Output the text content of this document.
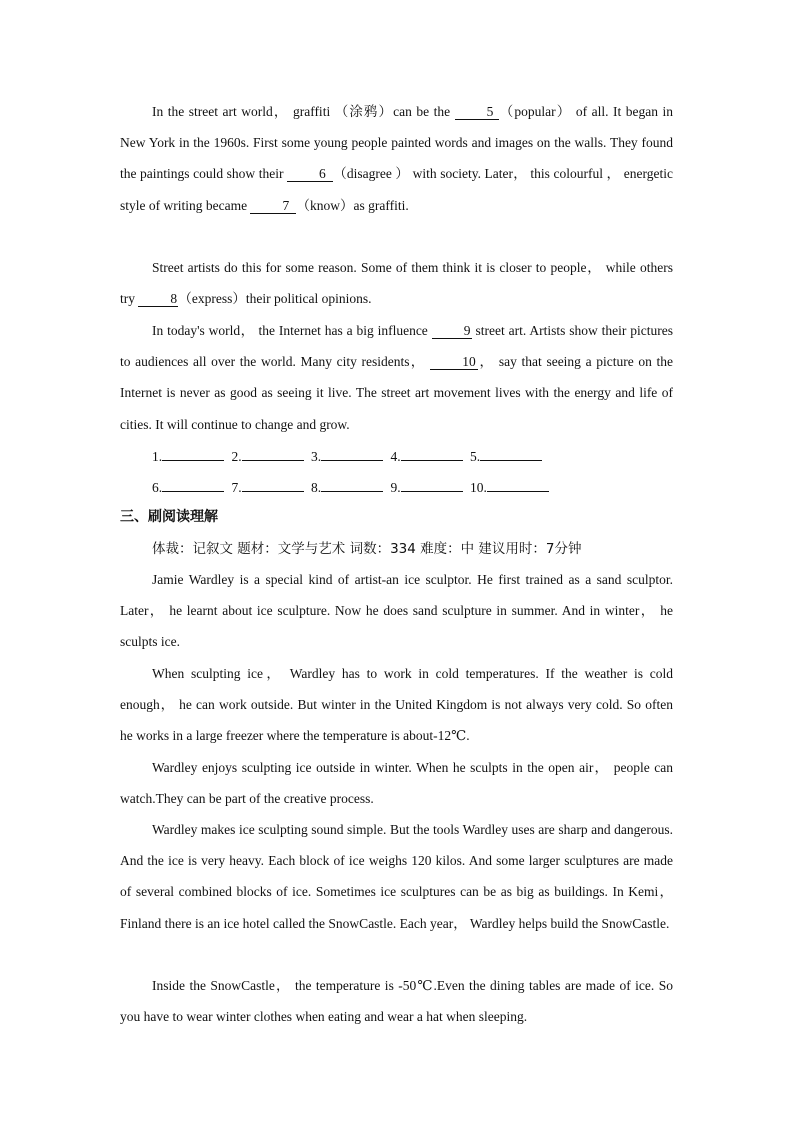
In the street art world， graffiti （涂鸦）can be the 5 （popular） of all. It began in New York in the 1960s. First some young people painted words and images on the walls. They found the paintings could show their 6 （disagree ） with society. Later， this colourful ， energetic style of writing became 7 （know）as graffiti.

Street artists do this for some reason. Some of them think it is closer to people， while others try 8（express）their political opinions.

In today's world， the Internet has a big influence 9 street art. Artists show their pictures to audiences all over the world. Many city residents， 10 ， say that seeing a picture on the Internet is never as good as seeing it live. The street art movement lives with the energy and life of cities. It will continue to change and grow.

1.	2.	3.	4.	5.
6.	7.	8.	9.	10.
三、刷阅读理解
体裁：记叙文 题材：文学与艺术 词数：334 难度：中 建议用时：7分钟

Jamie Wardley is a special kind of artist-an ice sculptor. He first trained as a sand sculptor. Later， he learnt about ice sculpture. Now he does sand sculpture in summer. And in winter， he sculpts ice.

When sculpting ice， Wardley has to work in cold temperatures. If the weather is cold enough， he can work outside. But winter in the United Kingdom is not always very cold. So often he works in a large freezer where the temperature is about-12℃.

Wardley enjoys sculpting ice outside in winter. When he sculpts in the open air， people can watch.They can be part of the creative process.

Wardley makes ice sculpting sound simple. But the tools Wardley uses are sharp and dangerous. And the ice is very heavy. Each block of ice weighs 120 kilos. And some larger sculptures are made of several combined blocks of ice. Sometimes ice sculptures can be as big as buildings. In Kemi， Finland there is an ice hotel called the SnowCastle. Each year， Wardley helps build the SnowCastle.

Inside the SnowCastle， the temperature is -50℃.Even the dining tables are made of ice. So you have to wear winter clothes when eating and wear a hat when sleeping.
